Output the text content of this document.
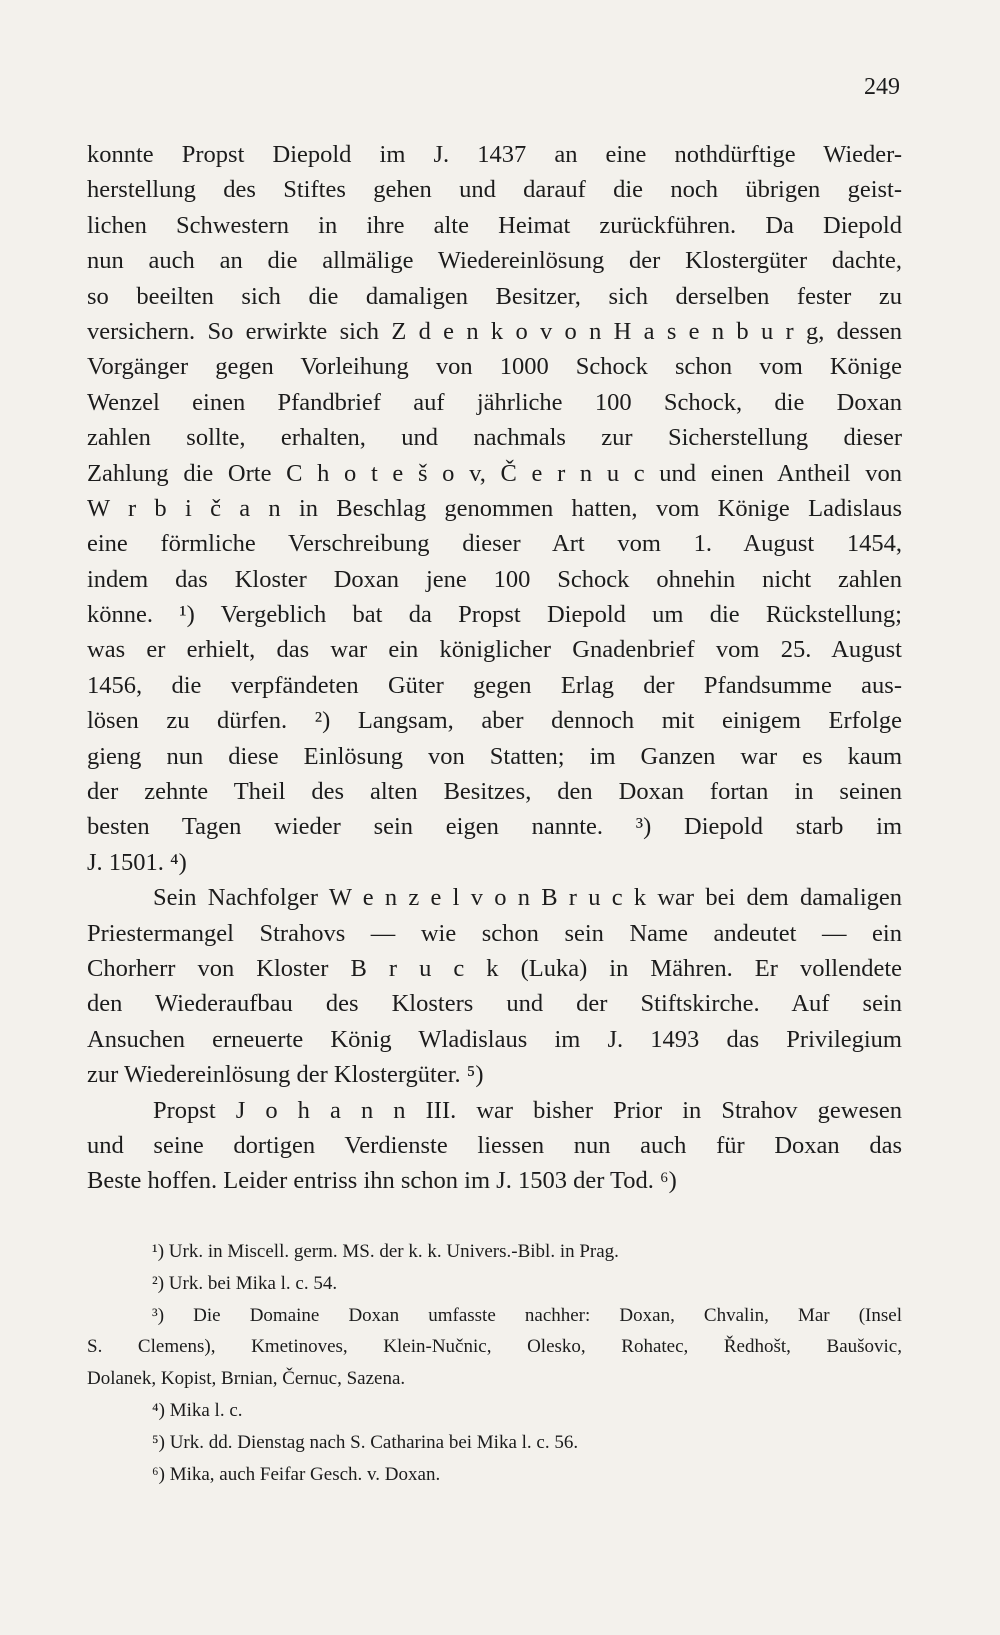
249
konnte Propst Diepold im J. 1437 an eine nothdürftige Wieder-
herstellung des Stiftes gehen und darauf die noch übrigen geist-
lichen Schwestern in ihre alte Heimat zurückführen. Da Diepold
nun auch an die allmälige Wiedereinlösung der Klostergüter dachte,
so beeilten sich die damaligen Besitzer, sich derselben fester zu
versichern. So erwirkte sich Z d e n k o v o n H a s e n b u r g, dessen
Vorgänger gegen Vorleihung von 1000 Schock schon vom Könige
Wenzel einen Pfandbrief auf jährliche 100 Schock, die Doxan
zahlen sollte, erhalten, und nachmals zur Sicherstellung dieser
Zahlung die Orte C h o t e š o v, Č e r n u c und einen Antheil von
W r b i č a n in Beschlag genommen hatten, vom Könige Ladislaus
eine förmliche Verschreibung dieser Art vom 1. August 1454,
indem das Kloster Doxan jene 100 Schock ohnehin nicht zahlen
könne. ¹) Vergeblich bat da Propst Diepold um die Rückstellung;
was er erhielt, das war ein königlicher Gnadenbrief vom 25. August
1456, die verpfändeten Güter gegen Erlag der Pfandsumme aus-
lösen zu dürfen. ²) Langsam, aber dennoch mit einigem Erfolge
gieng nun diese Einlösung von Statten; im Ganzen war es kaum
der zehnte Theil des alten Besitzes, den Doxan fortan in seinen
besten Tagen wieder sein eigen nannte. ³) Diepold starb im
J. 1501. ⁴)
Sein Nachfolger W e n z e l v o n B r u c k war bei dem damaligen
Priestermangel Strahovs — wie schon sein Name andeutet — ein
Chorherr von Kloster B r u c k (Luka) in Mähren. Er vollendete
den Wiederaufbau des Klosters und der Stiftskirche. Auf sein
Ansuchen erneuerte König Wladislaus im J. 1493 das Privilegium
zur Wiedereinlösung der Klostergüter. ⁵)
Propst J o h a n n III. war bisher Prior in Strahov gewesen
und seine dortigen Verdienste liessen nun auch für Doxan das
Beste hoffen. Leider entriss ihn schon im J. 1503 der Tod. ⁶)
¹) Urk. in Miscell. germ. MS. der k. k. Univers.-Bibl. in Prag.
²) Urk. bei Mika l. c. 54.
³) Die Domaine Doxan umfasste nachher: Doxan, Chvalin, Mar (Insel
S. Clemens), Kmetinoves, Klein-Nučnic, Olesko, Rohatec, Ředhošt, Baušovic,
Dolanek, Kopist, Brnian, Černuc, Sazena.
⁴) Mika l. c.
⁵) Urk. dd. Dienstag nach S. Catharina bei Mika l. c. 56.
⁶) Mika, auch Feifar Gesch. v. Doxan.
